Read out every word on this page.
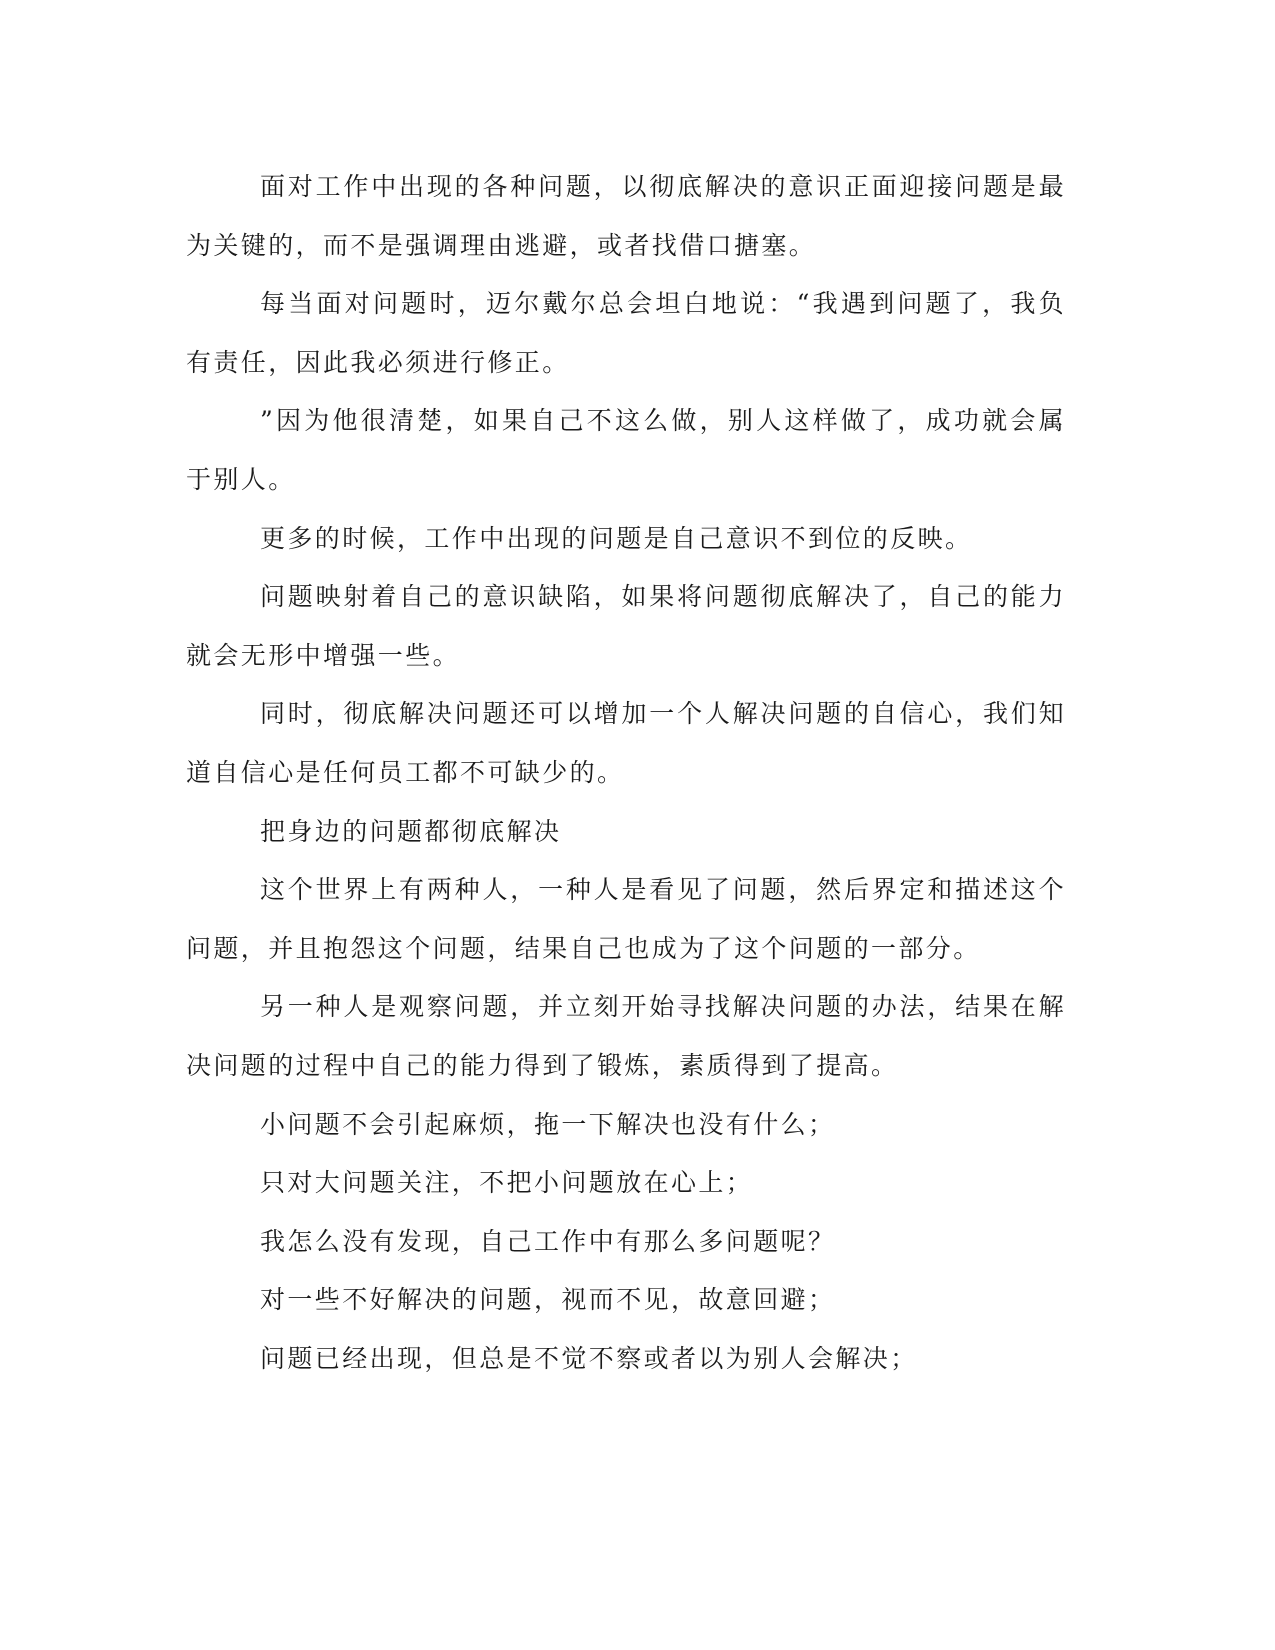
面对工作中出现的各种问题，以彻底解决的意识正面迎接问题是最为关键的，而不是强调理由逃避，或者找借口搪塞。

每当面对问题时，迈尔戴尔总会坦白地说：“我遇到问题了，我负有责任，因此我必须进行修正。

”因为他很清楚，如果自己不这么做，别人这样做了，成功就会属于别人。

更多的时候，工作中出现的问题是自己意识不到位的反映。

问题映射着自己的意识缺陷，如果将问题彻底解决了，自己的能力就会无形中增强一些。

同时，彻底解决问题还可以增加一个人解决问题的自信心，我们知道自信心是任何员工都不可缺少的。

把身边的问题都彻底解决

这个世界上有两种人，一种人是看见了问题，然后界定和描述这个问题，并且抱怨这个问题，结果自己也成为了这个问题的一部分。

另一种人是观察问题，并立刻开始寻找解决问题的办法，结果在解决问题的过程中自己的能力得到了锻炼，素质得到了提高。

小问题不会引起麻烦，拖一下解决也没有什么；

只对大问题关注，不把小问题放在心上；

我怎么没有发现，自己工作中有那么多问题呢？

对一些不好解决的问题，视而不见，故意回避；

问题已经出现，但总是不觉不察或者以为别人会解决；
